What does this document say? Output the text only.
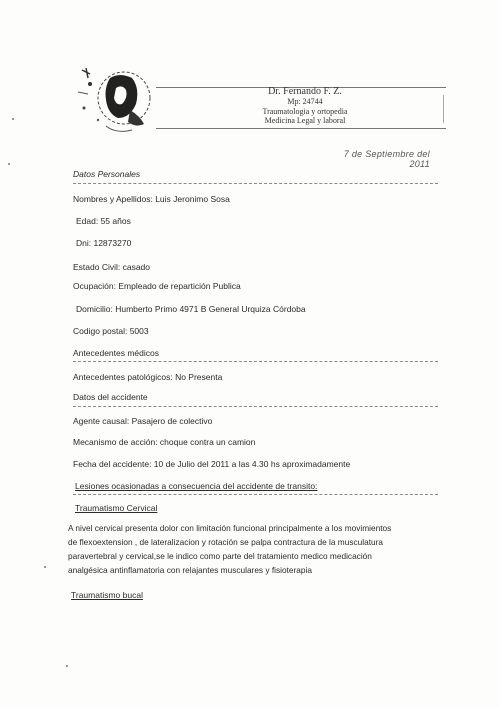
Dr. Fernando F. Z.
Mp: 24744
Traumatologia y ortopedia
Medicina Legal y laboral
7 de Septiembre del 2011
Datos Personales
Nombres y Apellidos: Luis Jeronimo Sosa
Edad: 55 años
Dni: 12873270
Estado Civil: casado
Ocupación: Empleado de repartición Publica
Domicilio: Humberto Primo 4971 B General Urquiza Córdoba
Codigo postal: 5003
Antecedentes médicos
Antecedentes patológicos: No Presenta
Datos del accidente
Agente causal: Pasajero de colectivo
Mecanismo de acción: choque contra un camion
Fecha del accidente: 10 de Julio del 2011 a las 4.30 hs aproximadamente
Lesiones ocasionadas a consecuencia del accidente de transito:
Traumatismo Cervical
A nivel cervical presenta dolor con limitación funcional principalmente a los movimientos
de flexoextension , de lateralizacion y rotación se palpa contractura de la musculatura
paravertebral y cervical,se le indico como parte del tratamiento medico medicación
analgésica antinflamatoria con relajantes musculares y fisioterapia
Traumatismo bucal
